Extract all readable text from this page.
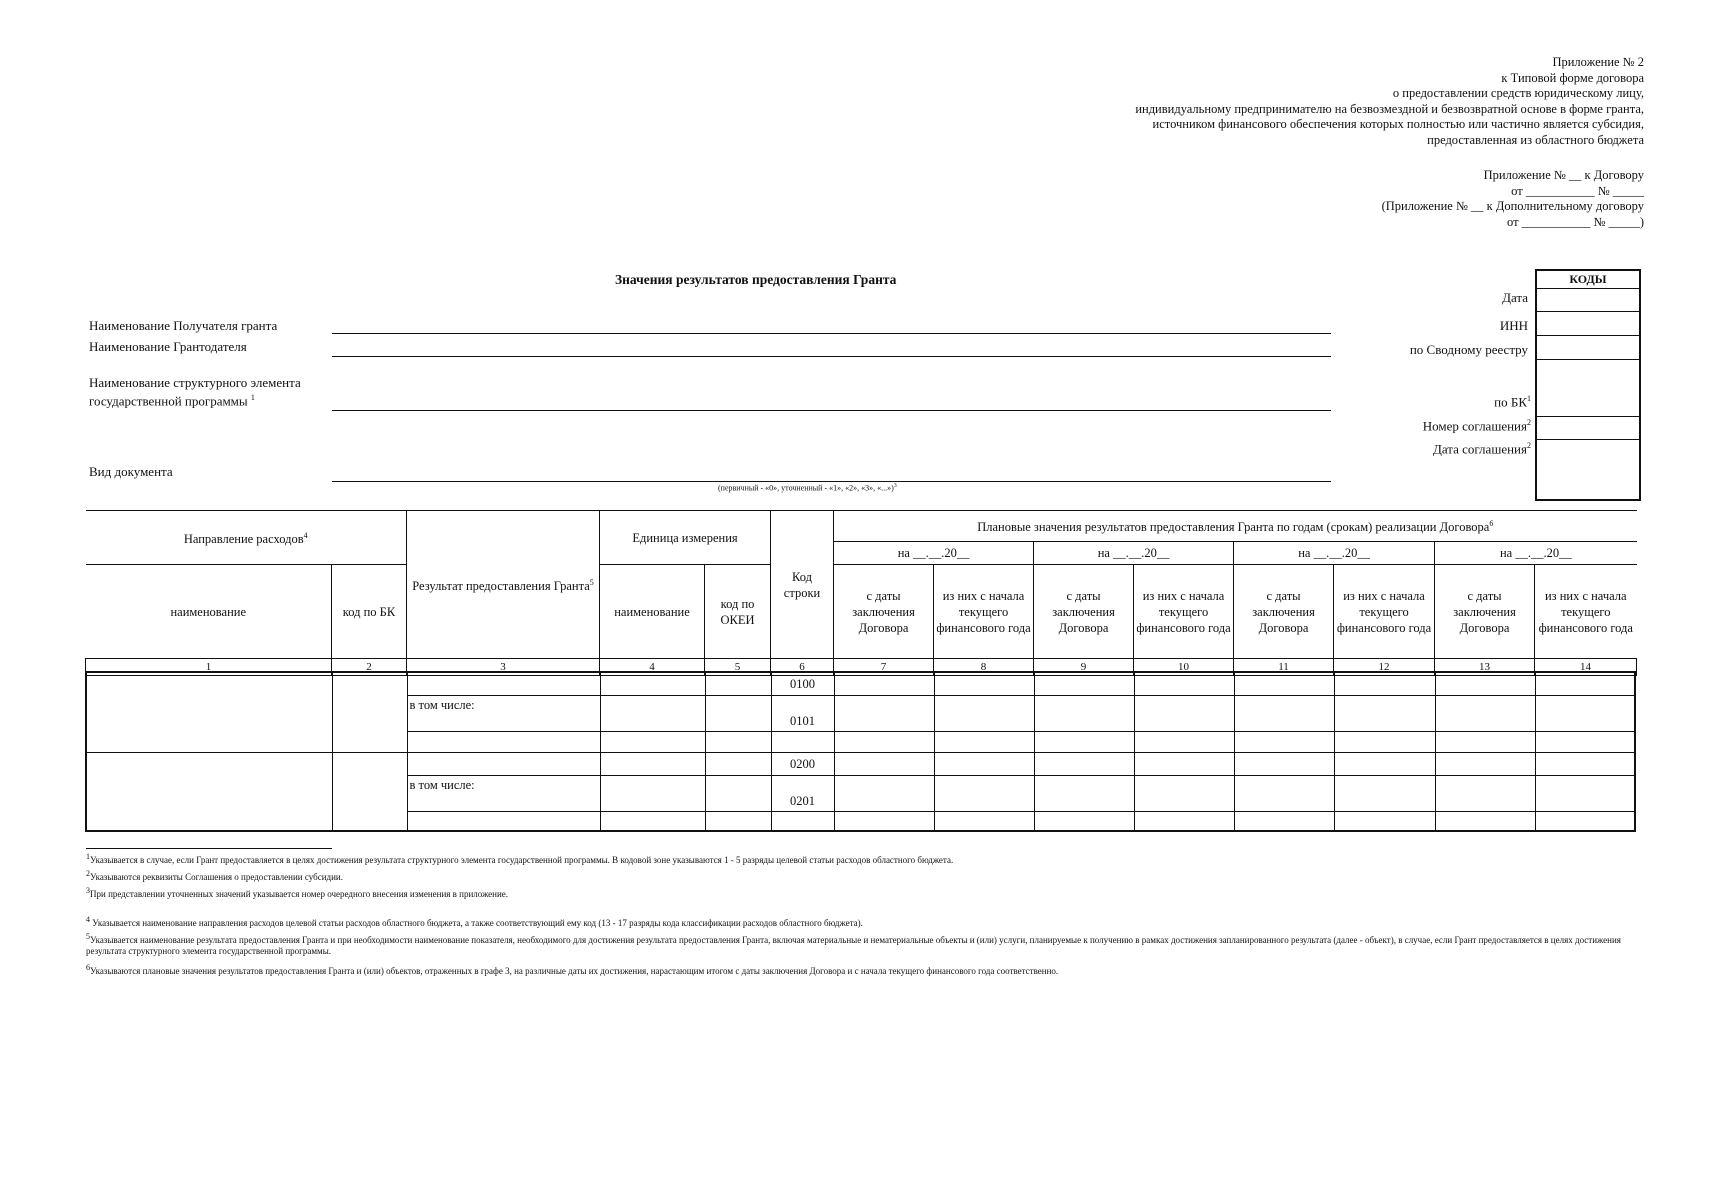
Приложение № 2
к Типовой форме договора
о предоставлении средств юридическому лицу,
индивидуальному предпринимателю на безвозмездной и безвозвратной основе в форме гранта,
источником финансового обеспечения которых полностью или частично является субсидия,
предоставленная из областного бюджета
Приложение № __ к Договору
от ___________ № _____
(Приложение № __ к Дополнительному договору
от ___________ № _____)
Значения результатов предоставления Гранта	КОДЫ
Дата
ИНН
по Сводному реестру
по $БК^1$
Номер соглашения$^2$
Дата соглашения$^2$
Наименование Получателя гранта
Наименование Грантодателя
Наименование структурного элемента
государственной программы $^1$
Вид документа
(первичный - «0», уточненный - «1», «2», «3», «...»)$^3$
Направление расходов$^4$		Результат предоставления Гранта$^5$	Единица измерения		Код строки	Плановые значения результатов предоставления Гранта по годам (срокам) реализации Договора$^6$
						на __.__.20__		на __.__.20__		на __.__.20__		на __.__.20__	
наименование	код по БК		наименование	код по ОКЕИ		с даты заключения Договора	из них с начала текущего финансового года	с даты заключения Договора	из них с начала текущего финансового года	с даты заключения Договора	из них с начала текущего финансового года	с даты заключения Договора	из них с начала текущего финансового года
1	2	3	4	5	6	7	8	9	10	11	12	13	14
					0100								
		в том числе:			0101								

					0200								
		в том числе:			0201								

$^1$Указывается в случае, если Грант предоставляется в целях достижения результата структурного элемента государственной программы. В кодовой зоне указываются 1 - 5 разряды целевой статьи расходов областного бюджета.
$^2$Указываются реквизиты Соглашения о предоставлении субсидии.
$^3$При представлении уточненных значений указывается номер очередного внесения изменения в приложение.
$^4$ Указывается наименование направления расходов целевой статьи расходов областного бюджета, а также соответствующий ему код (13 - 17 разряды кода классификации расходов областного бюджета).
$^5$Указывается наименование результата предоставления Гранта и при необходимости наименование показателя, необходимого для достижения результата предоставления Гранта, включая материальные и нематериальные объекты и (или) услуги, планируемые к получению в рамках достижения запланированного результата (далее - объект), в случае, если Грант предоставляется в целях достижения результата структурного элемента государственной программы.
$^6$Указываются плановые значения результатов предоставления Гранта и (или) объектов, отраженных в графе 3, на различные даты их достижения, нарастающим итогом с даты заключения Договора и с начала текущего финансового года соответственно.
